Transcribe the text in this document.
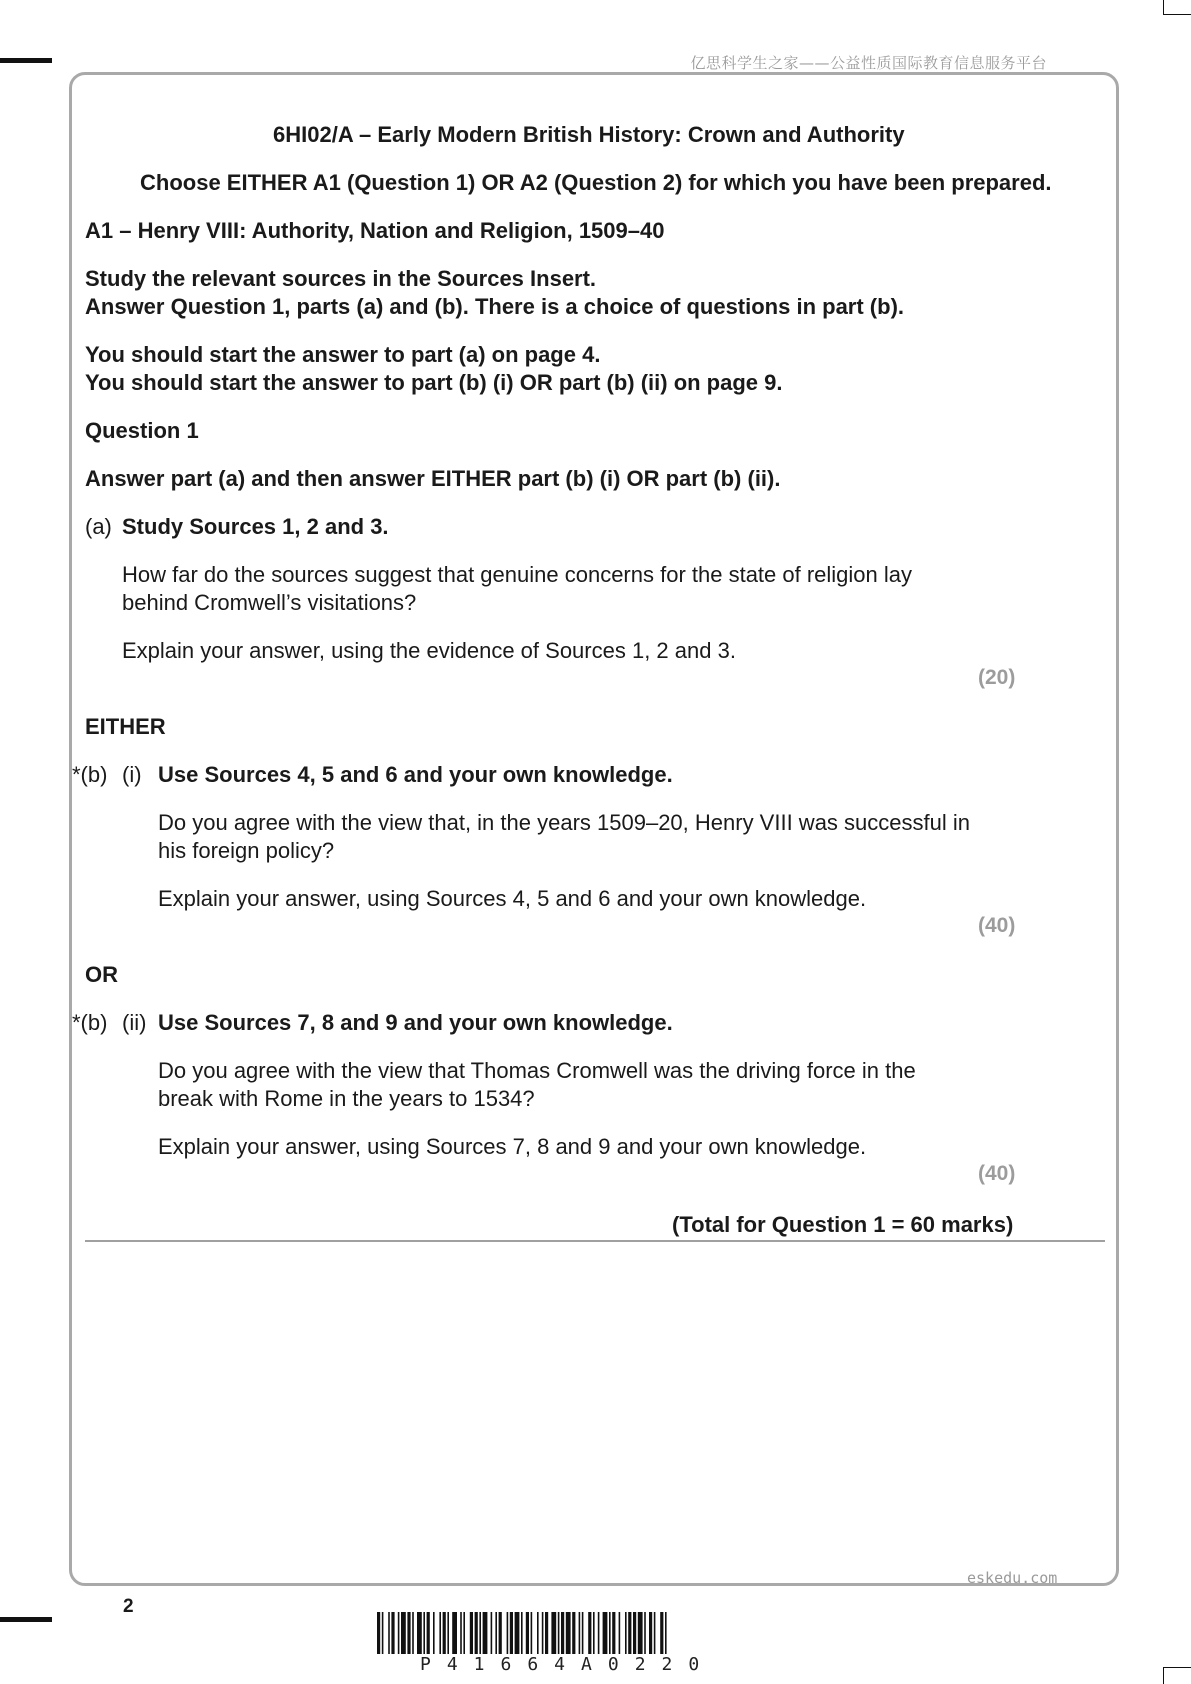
亿思科学生之家——公益性质国际教育信息服务平台
6HI02/A – Early Modern British History: Crown and Authority
Choose EITHER A1 (Question 1) OR A2 (Question 2) for which you have been prepared.
A1 – Henry VIII: Authority, Nation and Religion, 1509–40
Study the relevant sources in the Sources Insert.
Answer Question 1, parts (a) and (b). There is a choice of questions in part (b).
You should start the answer to part (a) on page 4.
You should start the answer to part (b) (i) OR part (b) (ii) on page 9.
Question 1
Answer part (a) and then answer EITHER part (b) (i) OR part (b) (ii).
(a) Study Sources 1, 2 and 3.
How far do the sources suggest that genuine concerns for the state of religion lay
behind Cromwell’s visitations?
Explain your answer, using the evidence of Sources 1, 2 and 3.
(20)
EITHER
*(b) (i) Use Sources 4, 5 and 6 and your own knowledge.
Do you agree with the view that, in the years 1509–20, Henry VIII was successful in
his foreign policy?
Explain your answer, using Sources 4, 5 and 6 and your own knowledge.
(40)
OR
*(b) (ii) Use Sources 7, 8 and 9 and your own knowledge.
Do you agree with the view that Thomas Cromwell was the driving force in the
break with Rome in the years to 1534?
Explain your answer, using Sources 7, 8 and 9 and your own knowledge.
(40)
(Total for Question 1 = 60 marks)
eskedu.com
2
P41664A0220
